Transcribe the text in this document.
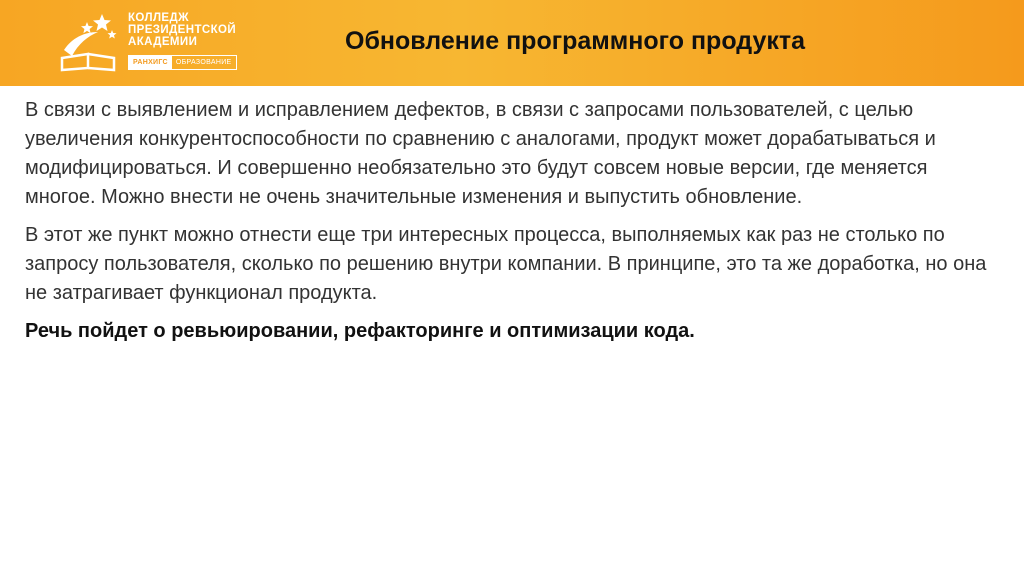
КОЛЛЕДЖ
ПРЕЗИДЕНТСКОЙ
АКАДЕМИИ
РАНХИГС	ОБРАЗОВАНИЕ
Обновление программного продукта

В связи с выявлением и исправлением дефектов, в связи с запросами пользователей, с целью увеличения конкурентоспособности по сравнению с аналогами, продукт может дорабатываться и модифицироваться. И совершенно необязательно это будут совсем новые версии, где меняется многое. Можно внести не очень значительные изменения и выпустить обновление.

В этот же пункт можно отнести еще три интересных процесса, выполняемых как раз не столько по запросу пользователя, сколько по решению внутри компании. В принципе, это та же доработка, но она не затрагивает функционал продукта.

Речь пойдет о ревьюировании, рефакторинге и оптимизации кода.
